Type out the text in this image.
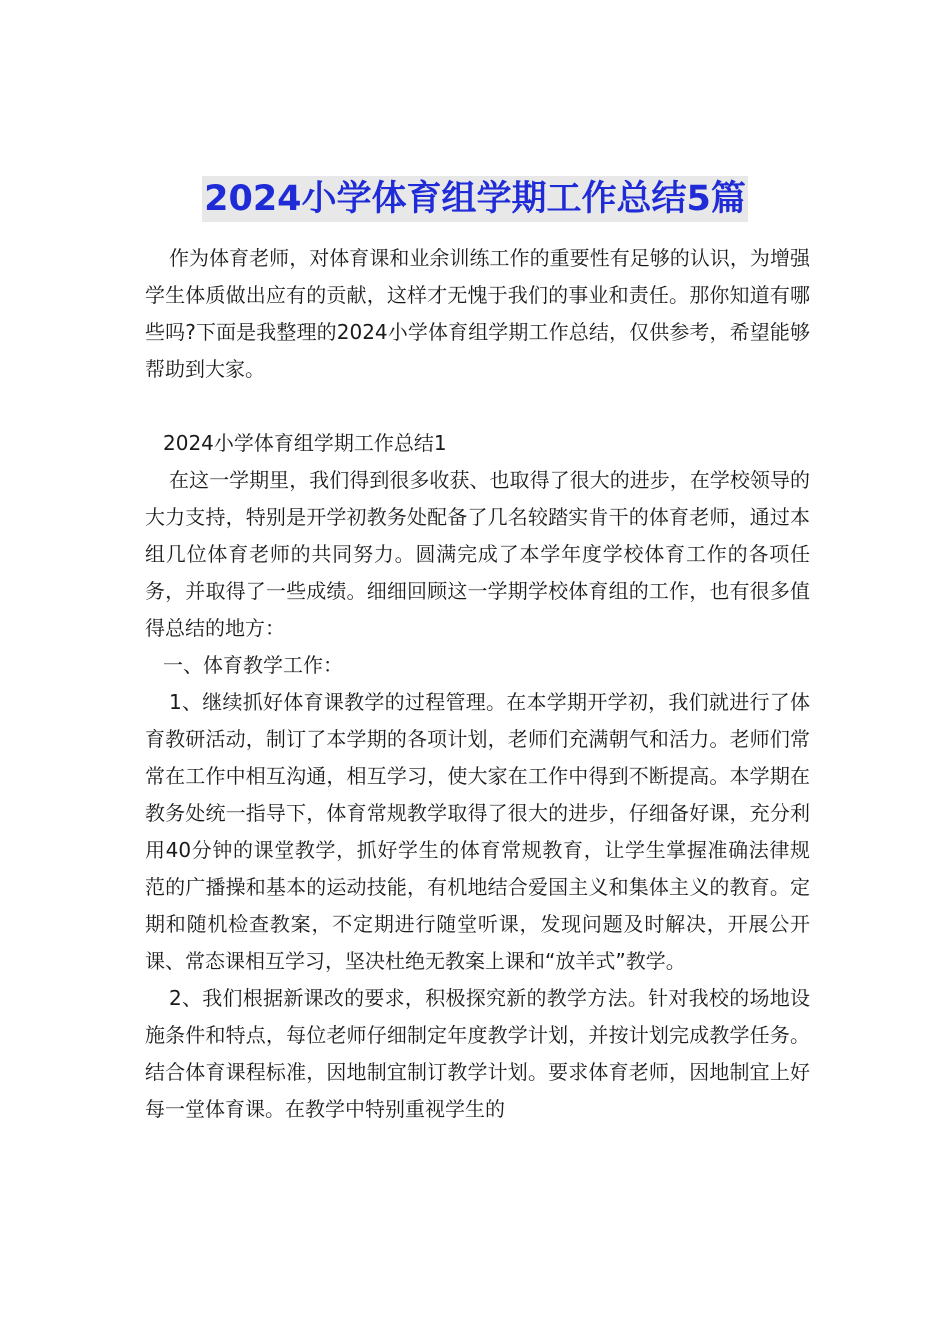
2024小学体育组学期工作总结5篇

作为体育老师，对体育课和业余训练工作的重要性有足够的认识，为增强学生体质做出应有的贡献，这样才无愧于我们的事业和责任。那你知道有哪些吗?下面是我整理的2024小学体育组学期工作总结，仅供参考，希望能够帮助到大家。

2024小学体育组学期工作总结1

在这一学期里，我们得到很多收获、也取得了很大的进步，在学校领导的大力支持，特别是开学初教务处配备了几名较踏实肯干的体育老师，通过本组几位体育老师的共同努力。圆满完成了本学年度学校体育工作的各项任务，并取得了一些成绩。细细回顾这一学期学校体育组的工作，也有很多值得总结的地方：

一、体育教学工作：

1、继续抓好体育课教学的过程管理。在本学期开学初，我们就进行了体育教研活动，制订了本学期的各项计划，老师们充满朝气和活力。老师们常常在工作中相互沟通，相互学习，使大家在工作中得到不断提高。本学期在教务处统一指导下，体育常规教学取得了很大的进步，仔细备好课，充分利用40分钟的课堂教学，抓好学生的体育常规教育，让学生掌握准确法律规范的广播操和基本的运动技能，有机地结合爱国主义和集体主义的教育。定期和随机检查教案，不定期进行随堂听课，发现问题及时解决，开展公开课、常态课相互学习，坚决杜绝无教案上课和“放羊式”教学。

2、我们根据新课改的要求，积极探究新的教学方法。针对我校的场地设施条件和特点，每位老师仔细制定年度教学计划，并按计划完成教学任务。结合体育课程标准，因地制宜制订教学计划。要求体育老师，因地制宜上好每一堂体育课。在教学中特别重视学生的
